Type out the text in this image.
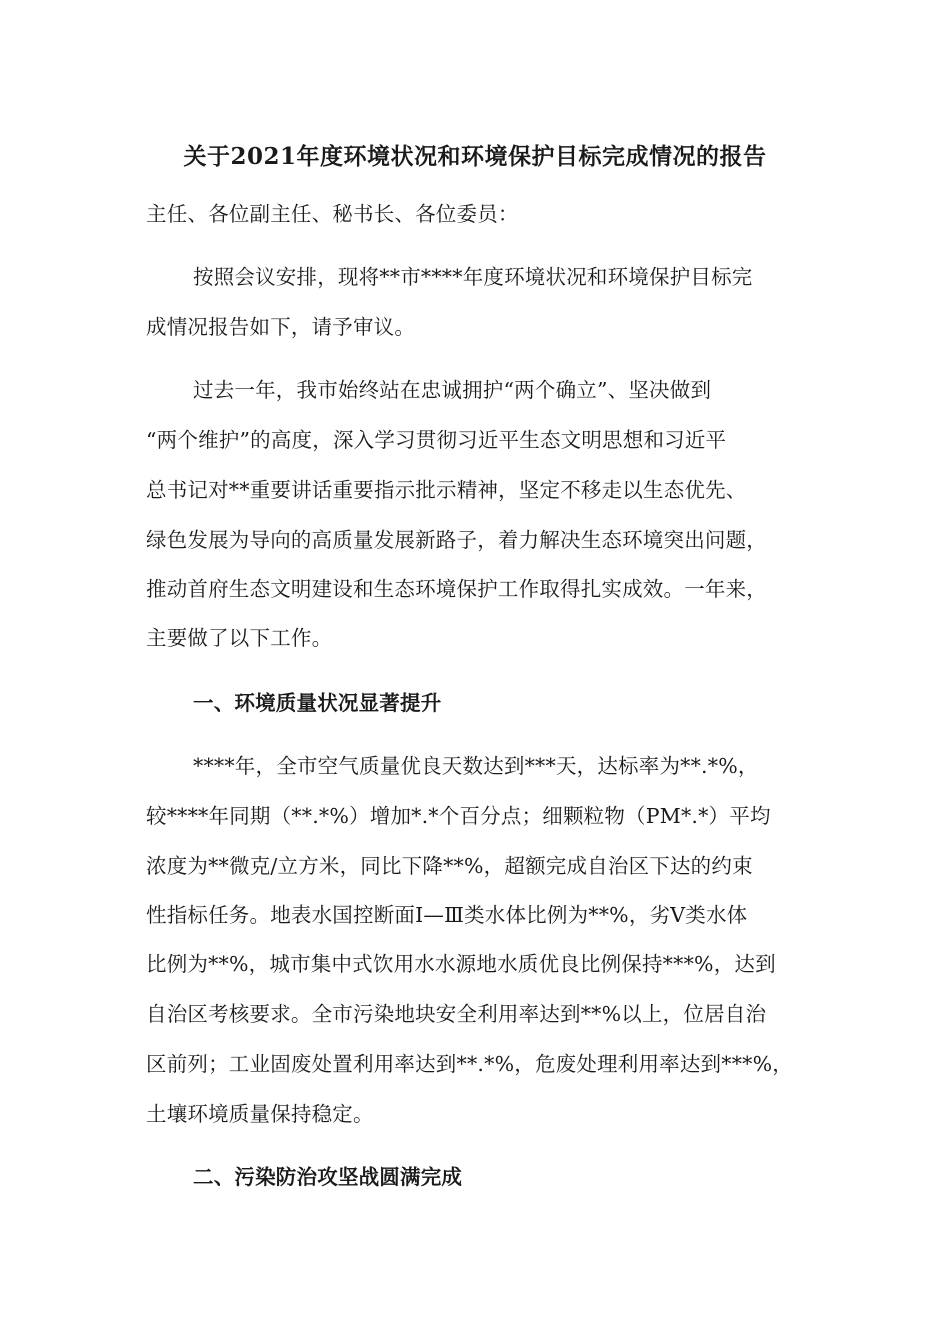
关于2021年度环境状况和环境保护目标完成情况的报告
主任、各位副主任、秘书长、各位委员：
按照会议安排，现将**市****年度环境状况和环境保护目标完
成情况报告如下，请予审议。
过去一年，我市始终站在忠诚拥护“两个确立”、坚决做到
“两个维护”的高度，深入学习贯彻习近平生态文明思想和习近平
总书记对**重要讲话重要指示批示精神，坚定不移走以生态优先、
绿色发展为导向的高质量发展新路子，着力解决生态环境突出问题，
推动首府生态文明建设和生态环境保护工作取得扎实成效。一年来，
主要做了以下工作。
一、环境质量状况显著提升
****年，全市空气质量优良天数达到***天，达标率为**.*%，
较****年同期（**.*%）增加*.*个百分点；细颗粒物（PM*.*）平均
浓度为**微克/立方米，同比下降**%，超额完成自治区下达的约束
性指标任务。地表水国控断面Ⅰ—Ⅲ类水体比例为**%，劣Ⅴ类水体
比例为**%，城市集中式饮用水水源地水质优良比例保持***%，达到
自治区考核要求。全市污染地块安全利用率达到**%以上，位居自治
区前列；工业固废处置利用率达到**.*%，危废处理利用率达到***%，
土壤环境质量保持稳定。
二、污染防治攻坚战圆满完成
